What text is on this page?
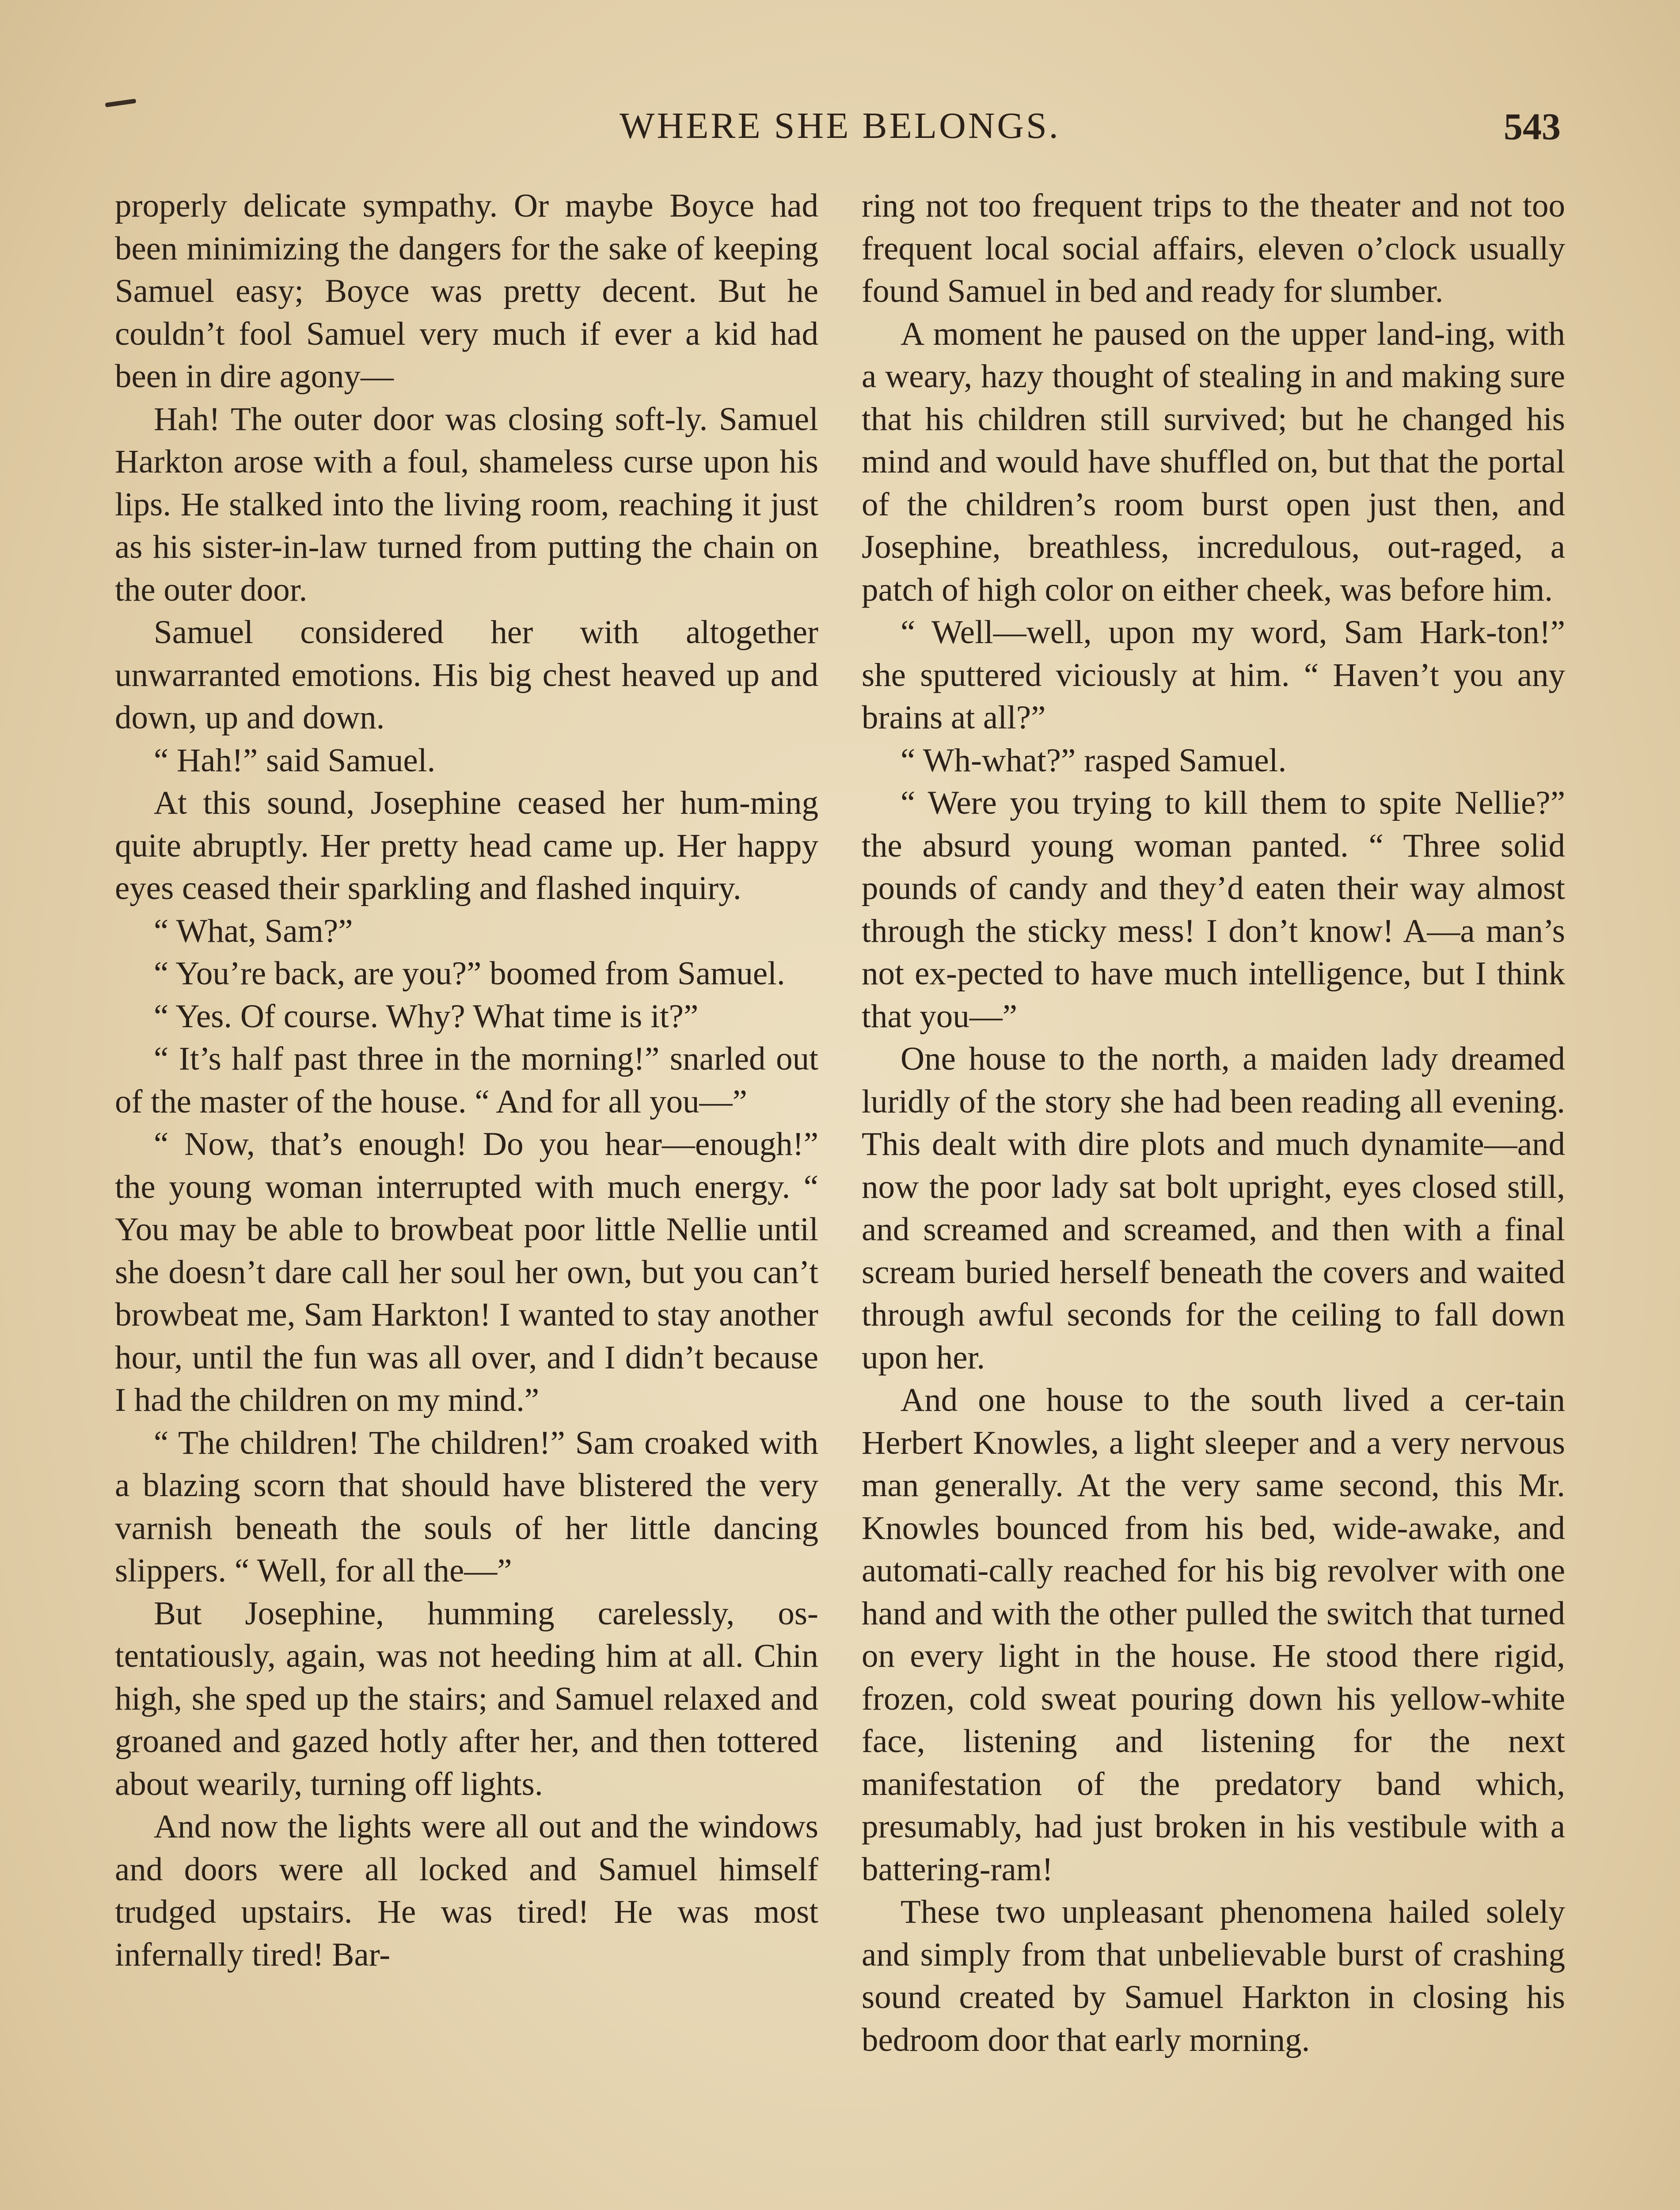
WHERE SHE BELONGS.	543

properly delicate sympathy. Or maybe Boyce had been minimizing the dangers for the sake of keeping Samuel easy; Boyce was pretty decent. But he couldn’t fool Samuel very much if ever a kid had been in dire agony—

Hah! The outer door was closing soft-ly. Samuel Harkton arose with a foul, shameless curse upon his lips. He stalked into the living room, reaching it just as his sister-in-law turned from putting the chain on the outer door.

Samuel considered her with altogether unwarranted emotions. His big chest heaved up and down, up and down.

“ Hah!” said Samuel.

At this sound, Josephine ceased her hum-ming quite abruptly. Her pretty head came up. Her happy eyes ceased their sparkling and flashed inquiry.

“ What, Sam?”

“ You’re back, are you?” boomed from Samuel.

“ Yes. Of course. Why? What time is it?”

“ It’s half past three in the morning!” snarled out of the master of the house. “ And for all you—”

“ Now, that’s enough! Do you hear—enough!” the young woman interrupted with much energy. “ You may be able to browbeat poor little Nellie until she doesn’t dare call her soul her own, but you can’t browbeat me, Sam Harkton! I wanted to stay another hour, until the fun was all over, and I didn’t because I had the children on my mind.”

“ The children! The children!” Sam croaked with a blazing scorn that should have blistered the very varnish beneath the souls of her little dancing slippers. “ Well, for all the—”

But Josephine, humming carelessly, os-tentatiously, again, was not heeding him at all. Chin high, she sped up the stairs; and Samuel relaxed and groaned and gazed hotly after her, and then tottered about wearily, turning off lights.

And now the lights were all out and the windows and doors were all locked and Samuel himself trudged upstairs. He was tired! He was most infernally tired! Bar-

ring not too frequent trips to the theater and not too frequent local social affairs, eleven o’clock usually found Samuel in bed and ready for slumber.

A moment he paused on the upper land-ing, with a weary, hazy thought of stealing in and making sure that his children still survived; but he changed his mind and would have shuffled on, but that the portal of the children’s room burst open just then, and Josephine, breathless, incredulous, out-raged, a patch of high color on either cheek, was before him.

“ Well—well, upon my word, Sam Hark-ton!” she sputtered viciously at him. “ Haven’t you any brains at all?”

“ Wh-what?” rasped Samuel.

“ Were you trying to kill them to spite Nellie?” the absurd young woman panted. “ Three solid pounds of candy and they’d eaten their way almost through the sticky mess! I don’t know! A—a man’s not ex-pected to have much intelligence, but I think that you—”

One house to the north, a maiden lady dreamed luridly of the story she had been reading all evening. This dealt with dire plots and much dynamite—and now the poor lady sat bolt upright, eyes closed still, and screamed and screamed, and then with a final scream buried herself beneath the covers and waited through awful seconds for the ceiling to fall down upon her.

And one house to the south lived a cer-tain Herbert Knowles, a light sleeper and a very nervous man generally. At the very same second, this Mr. Knowles bounced from his bed, wide-awake, and automati-cally reached for his big revolver with one hand and with the other pulled the switch that turned on every light in the house. He stood there rigid, frozen, cold sweat pouring down his yellow-white face, listening and listening for the next manifestation of the predatory band which, presumably, had just broken in his vestibule with a battering-ram!

These two unpleasant phenomena hailed solely and simply from that unbelievable burst of crashing sound created by Samuel Harkton in closing his bedroom door that early morning.
